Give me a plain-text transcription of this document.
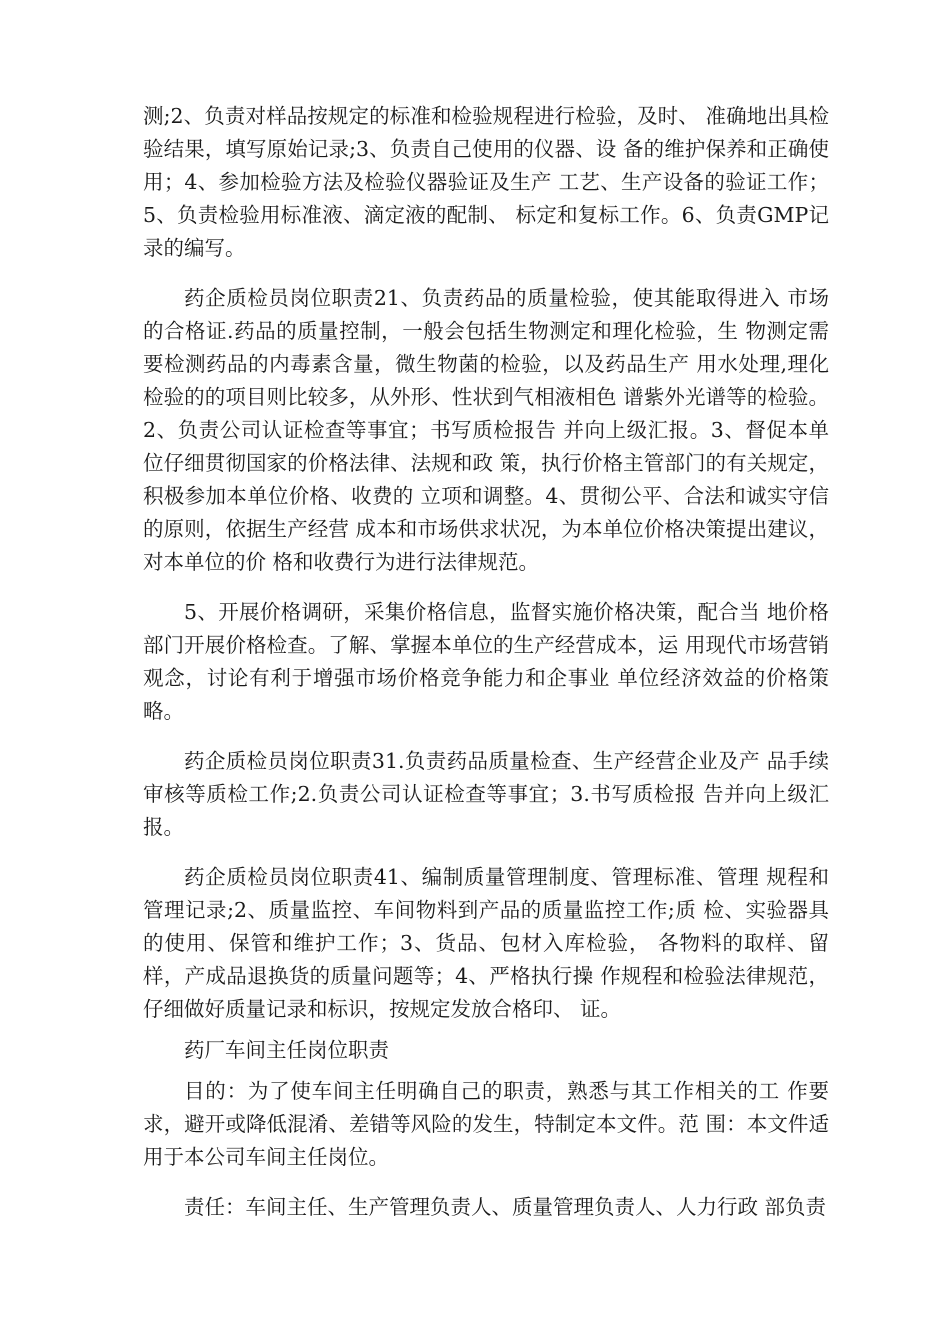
测;2、负责对样品按规定的标准和检验规程进行检验，及时、 准确地出具检验结果，填写原始记录;3、负责自己使用的仪器、设 备的维护保养和正确使用；4、参加检验方法及检验仪器验证及生产 工艺、生产设备的验证工作；5、负责检验用标准液、滴定液的配制、 标定和复标工作。6、负责GMP记录的编写。

药企质检员岗位职责21、负责药品的质量检验，使其能取得进入 市场的合格证.药品的质量控制，一般会包括生物测定和理化检验，生 物测定需要检测药品的内毒素含量，微生物菌的检验，以及药品生产 用水处理,理化检验的的项目则比较多，从外形、性状到气相液相色 谱紫外光谱等的检验。2、负责公司认证检查等事宜；书写质检报告 并向上级汇报。3、督促本单位仔细贯彻国家的价格法律、法规和政 策，执行价格主管部门的有关规定，积极参加本单位价格、收费的 立项和调整。4、贯彻公平、合法和诚实守信的原则，依据生产经营 成本和市场供求状况，为本单位价格决策提出建议，对本单位的价 格和收费行为进行法律规范。

5、开展价格调研，采集价格信息，监督实施价格决策，配合当 地价格部门开展价格检查。了解、掌握本单位的生产经营成本，运 用现代市场营销观念，讨论有利于增强市场价格竞争能力和企事业 单位经济效益的价格策略。

药企质检员岗位职责31.负责药品质量检查、生产经营企业及产 品手续审核等质检工作;2.负责公司认证检查等事宜；3.书写质检报 告并向上级汇报。

药企质检员岗位职责41、编制质量管理制度、管理标准、管理 规程和管理记录;2、质量监控、车间物料到产品的质量监控工作;质 检、实验器具的使用、保管和维护工作；3、货品、包材入库检验， 各物料的取样、留样，产成品退换货的质量问题等；4、严格执行操 作规程和检验法律规范，仔细做好质量记录和标识，按规定发放合格印、 证。

药厂车间主任岗位职责

目的：为了使车间主任明确自己的职责，熟悉与其工作相关的工 作要求，避开或降低混淆、差错等风险的发生，特制定本文件。范 围：本文件适用于本公司车间主任岗位。

责任：车间主任、生产管理负责人、质量管理负责人、人力行政 部负责
